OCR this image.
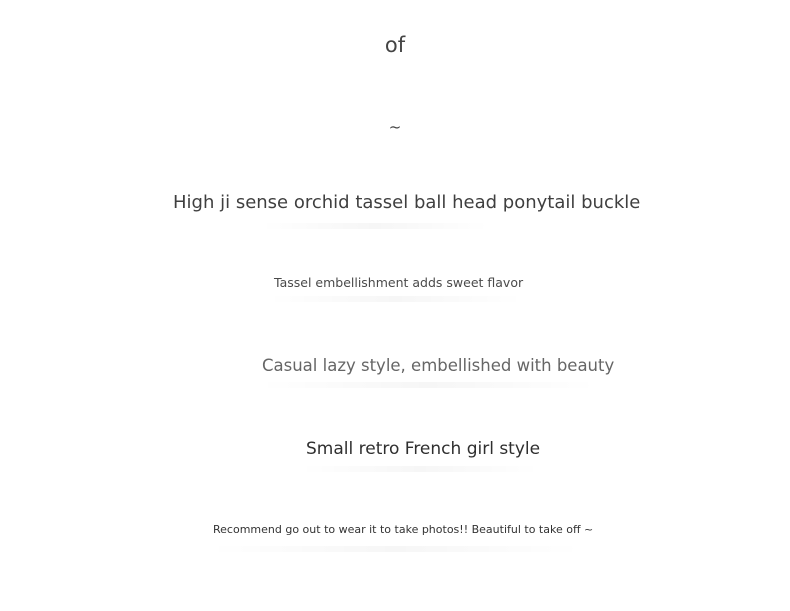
of
~
High ji sense orchid tassel ball head ponytail buckle
Tassel embellishment adds sweet flavor
Casual lazy style, embellished with beauty
Small retro French girl style
Recommend go out to wear it to take photos!! Beautiful to take off ~
